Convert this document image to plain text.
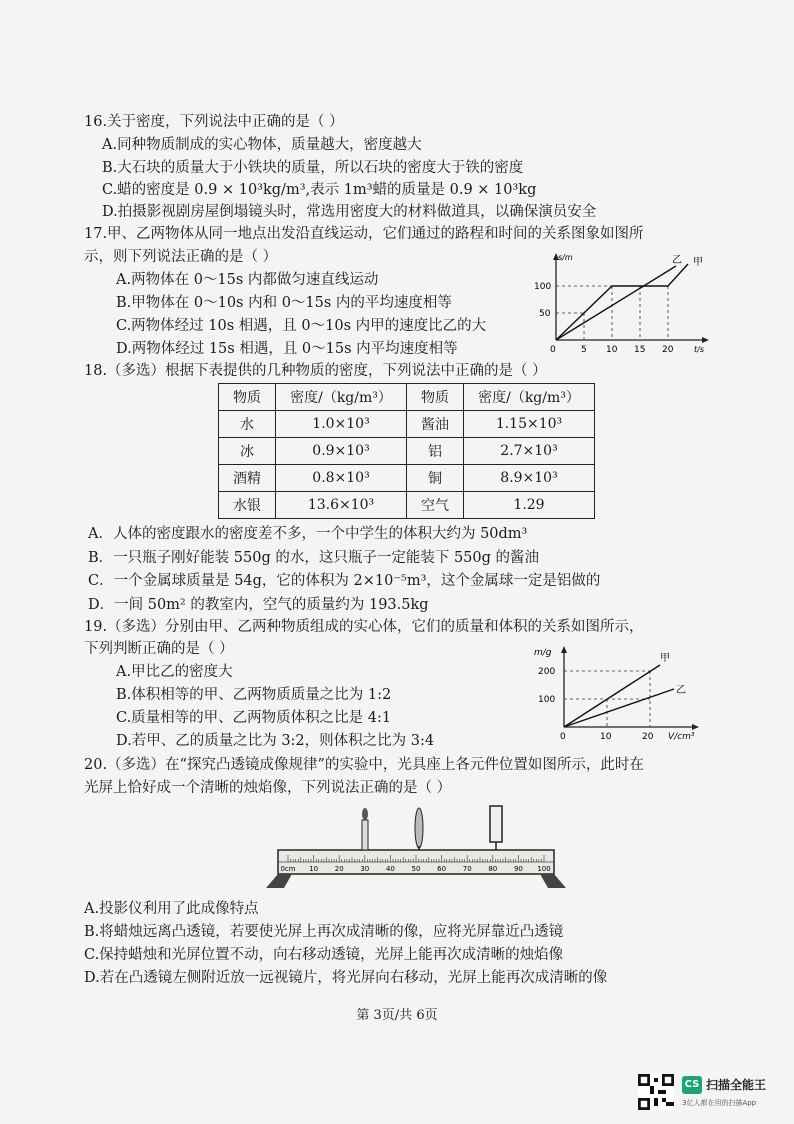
16.关于密度，下列说法中正确的是（ ）
A.同种物质制成的实心物体，质量越大，密度越大
B.大石块的质量大于小铁块的质量，所以石块的密度大于铁的密度
C.蜡的密度是 0.9 × 10³kg/m³,表示 1m³蜡的质量是 0.9 × 10³kg
D.拍摄影视剧房屋倒塌镜头时，常选用密度大的材料做道具，以确保演员安全
17.甲、乙两物体从同一地点出发沿直线运动，它们通过的路程和时间的关系图象如图所
示，则下列说法正确的是（ ）
A.两物体在 0～15s 内都做匀速直线运动
B.甲物体在 0～10s 内和 0～15s 内的平均速度相等
C.两物体经过 10s 相遇，且 0～10s 内甲的速度比乙的大
D.两物体经过 15s 相遇，且 0～15s 内平均速度相等
s/m
t/s
100
50
0	5 10 15 20
甲
乙
18.（多选）根据下表提供的几种物质的密度，下列说法中正确的是（ ）
物质	密度/（kg/m³）	物质	密度/（kg/m³）
水	1.0×10³	酱油	1.15×10³
冰	0.9×10³	铝	2.7×10³
酒精	0.8×10³	铜	8.9×10³
水银	13.6×10³	空气	1.29
A．人体的密度跟水的密度差不多，一个中学生的体积大约为 50dm³
B．一只瓶子刚好能装 550g 的水，这只瓶子一定能装下 550g 的酱油
C．一个金属球质量是 54g，它的体积为 2×10⁻⁵m³，这个金属球一定是铝做的
D．一间 50m² 的教室内，空气的质量约为 193.5kg
19.（多选）分别由甲、乙两种物质组成的实心体，它们的质量和体积的关系如图所示，
下列判断正确的是（ ）
A.甲比乙的密度大
B.体积相等的甲、乙两物质质量之比为 1:2
C.质量相等的甲、乙两物质体积之比是 4:1
D.若甲、乙的质量之比为 3:2，则体积之比为 3:4
m/g
V/cm³
200
100
0	10	20
甲
乙
20.（多选）在“探究凸透镜成像规律”的实验中，光具座上各元件位置如图所示，此时在
光屏上恰好成一个清晰的烛焰像，下列说法正确的是（ ）
0cm 10 20 30 40 50 60 70 80 90 100
A.投影仪利用了此成像特点
B.将蜡烛远离凸透镜，若要使光屏上再次成清晰的像，应将光屏靠近凸透镜
C.保持蜡烛和光屏位置不动，向右移动透镜，光屏上能再次成清晰的烛焰像
D.若在凸透镜左侧附近放一远视镜片，将光屏向右移动，光屏上能再次成清晰的像
第 3页/共 6页
CS 扫描全能王
3亿人都在用的扫描App
